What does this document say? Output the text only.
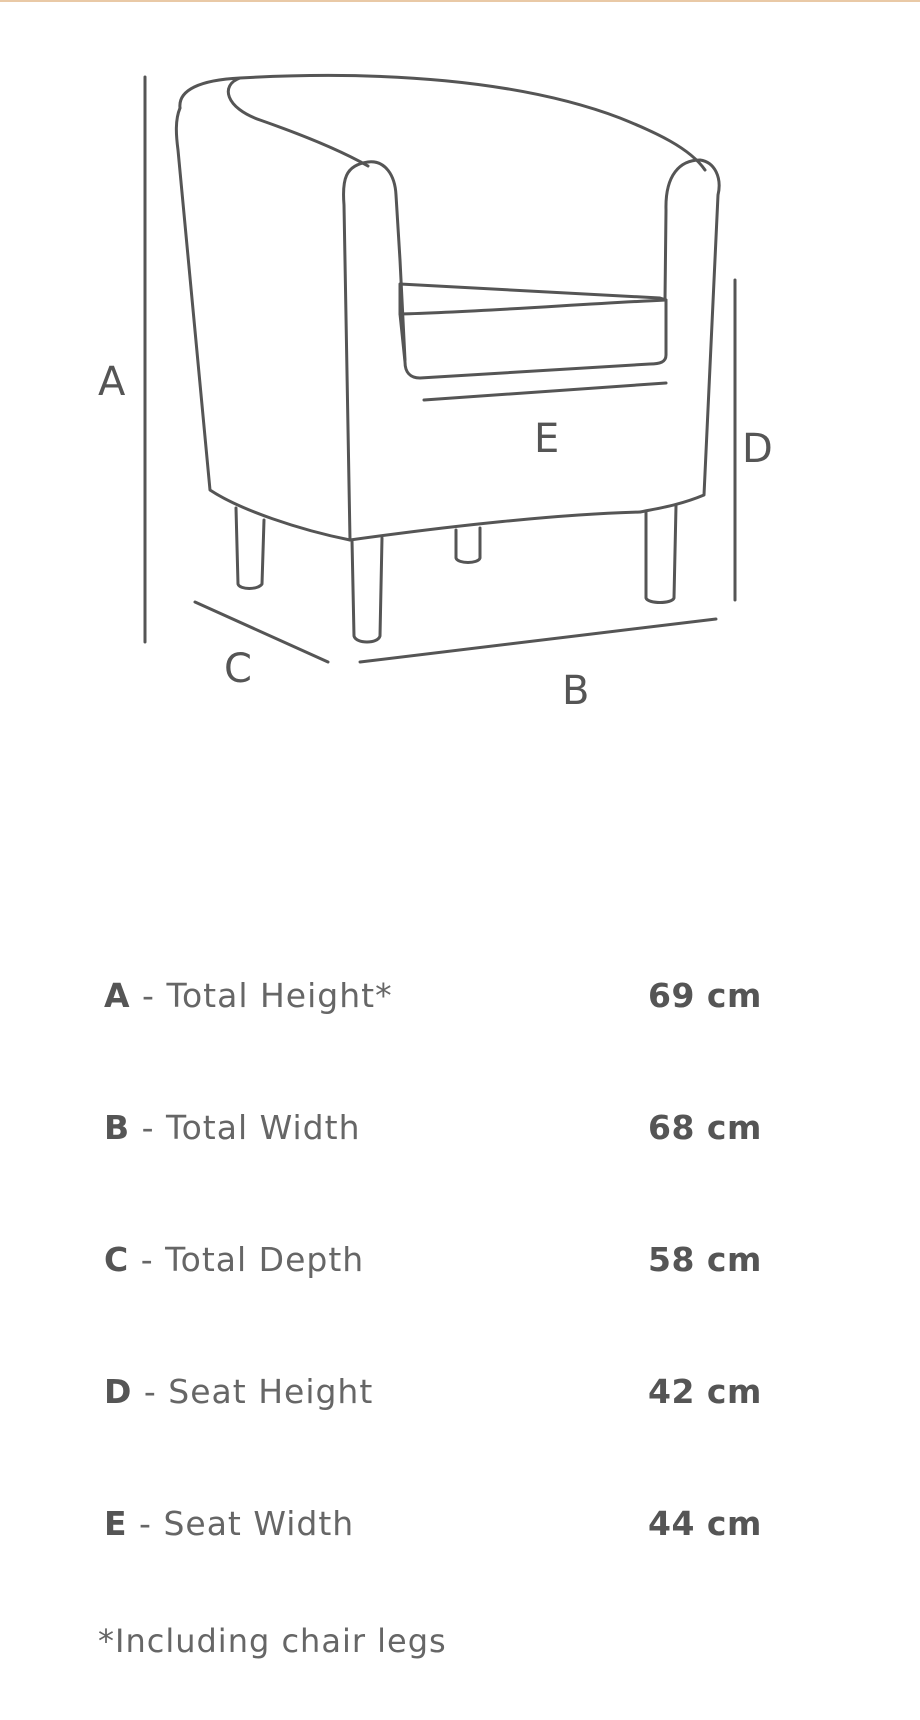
A
B
C
D
E
A - Total Height*	69 cm
B - Total Width	68 cm
C - Total Depth	58 cm
D - Seat Height	42 cm
E - Seat Width	44 cm
*Including chair legs
